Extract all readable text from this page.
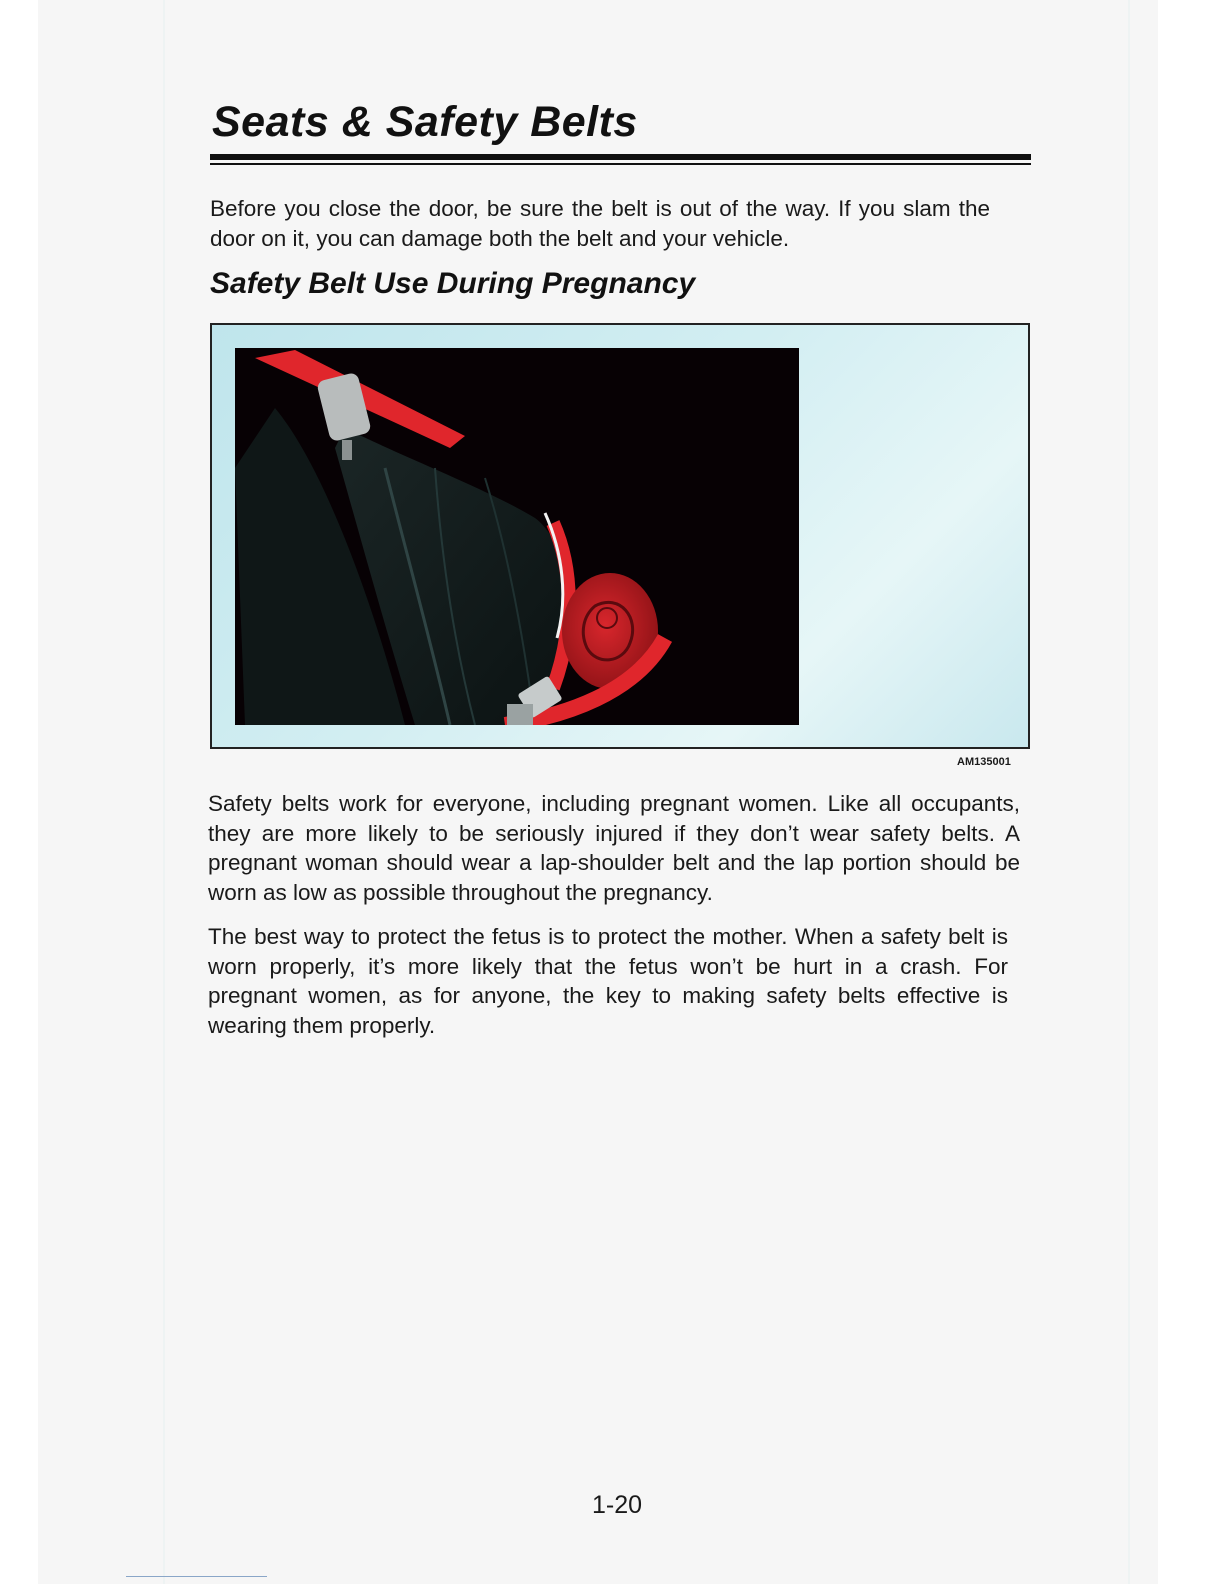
Seats & Safety Belts

Before you close the door, be sure the belt is out of the way. If you slam the door on it, you can damage both the belt and your vehicle.

Safety Belt Use During Pregnancy
AM135001

Safety belts work for everyone, including pregnant women. Like all occupants, they are more likely to be seriously injured if they don’t wear safety belts. A pregnant woman should wear a lap-shoulder belt and the lap portion should be worn as low as possible throughout the pregnancy.

The best way to protect the fetus is to protect the mother. When a safety belt is worn properly, it’s more likely that the fetus won’t be hurt in a crash. For pregnant women, as for anyone, the key to making safety belts effective is wearing them properly.

1-20
